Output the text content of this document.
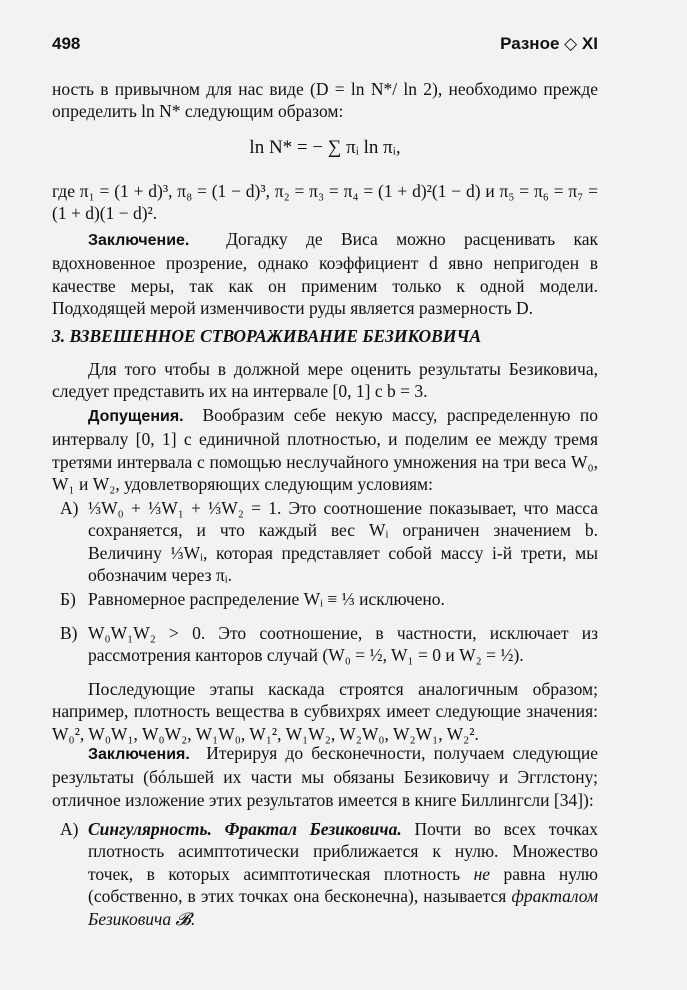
498	Разное ◇ XI

ность в привычном для нас виде (D = ln N*/ ln 2), необходимо прежде определить ln N* следующим образом:

ln N* = − ∑ πᵢ ln πᵢ,

где π₁ = (1 + d)³, π₈ = (1 − d)³, π₂ = π₃ = π₄ = (1 + d)²(1 − d) и π₅ = π₆ = π₇ = (1 + d)(1 − d)².

Заключение. Догадку де Виса можно расценивать как вдохновенное прозрение, однако коэффициент d явно непригоден в качестве меры, так как он применим только к одной модели. Подходящей мерой изменчивости руды является размерность D.

3. ВЗВЕШЕННОЕ СТВОРАЖИВАНИЕ БЕЗИКОВИЧА

Для того чтобы в должной мере оценить результаты Безиковича, следует представить их на интервале [0, 1] с b = 3.

Допущения. Вообразим себе некую массу, распределенную по интервалу [0, 1] с единичной плотностью, и поделим ее между тремя третями интервала с помощью неслучайного умножения на три веса W₀, W₁ и W₂, удовлетворяющих следующим условиям:

А) ⅓W₀ + ⅓W₁ + ⅓W₂ = 1. Это соотношение показывает, что масса сохраняется, и что каждый вес Wᵢ ограничен значением b. Величину ⅓Wᵢ, которая представляет собой массу i-й трети, мы обозначим через πᵢ.
Б) Равномерное распределение Wᵢ ≡ ⅓ исключено.
В) W₀W₁W₂ > 0. Это соотношение, в частности, исключает из рассмотрения канторов случай (W₀ = ½, W₁ = 0 и W₂ = ½).

Последующие этапы каскада строятся аналогичным образом; например, плотность вещества в субвихрях имеет следующие значения: W₀², W₀W₁, W₀W₂, W₁W₀, W₁², W₁W₂, W₂W₀, W₂W₁, W₂².

Заключения. Итерируя до бесконечности, получаем следующие результаты (бóльшей их части мы обязаны Безиковичу и Эгглстону; отличное изложение этих результатов имеется в книге Биллингсли [34]):

А) Сингулярность. Фрактал Безиковича. Почти во всех точках плотность асимптотически приближается к нулю. Множество точек, в которых асимптотическая плотность не равна нулю (собственно, в этих точках она бесконечна), называется фракталом Безиковича 𝓑.
